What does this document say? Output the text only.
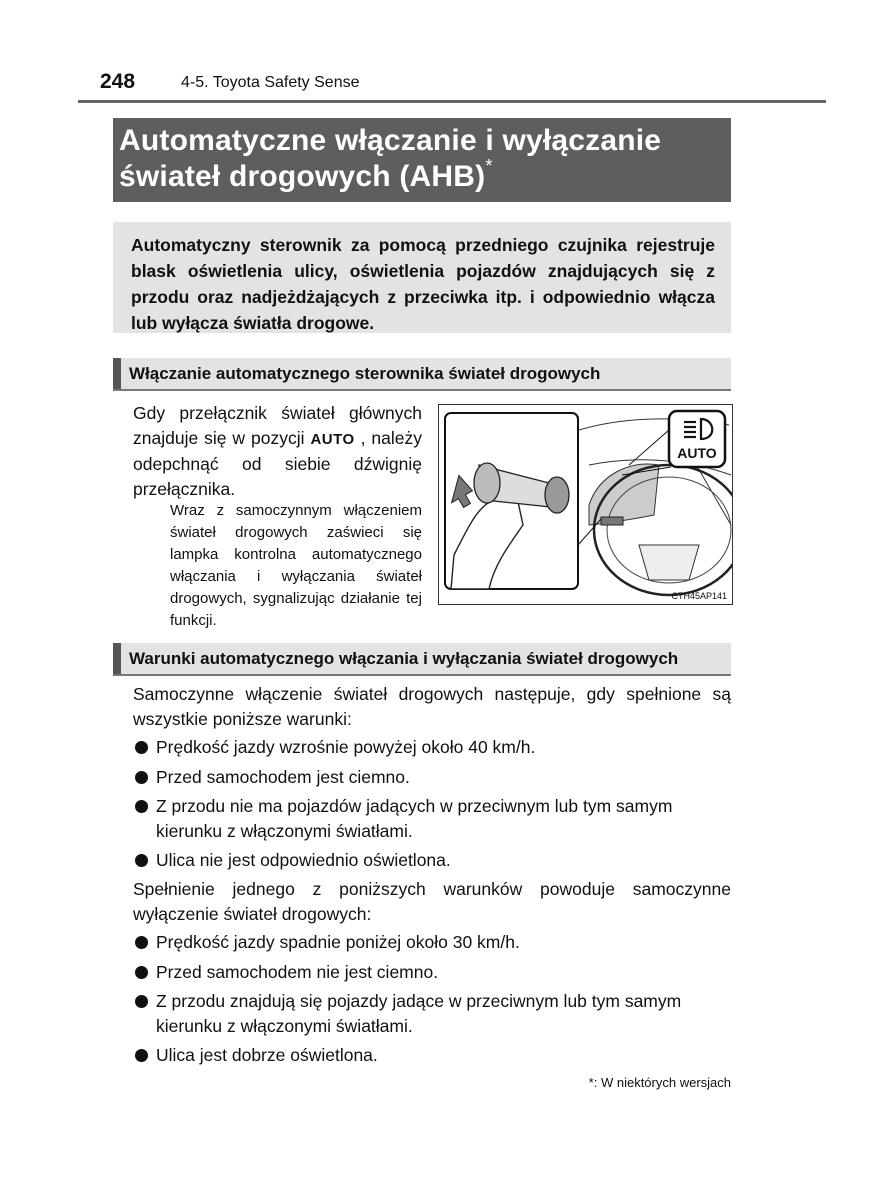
248	4-5. Toyota Safety Sense
Automatyczne włączanie i wyłączanie
świateł drogowych (AHB)*
Automatyczny sterownik za pomocą przedniego czujnika rejestruje blask oświetlenia ulicy, oświetlenia pojazdów znajdujących się z przodu oraz nadjeżdżających z przeciwka itp. i odpowiednio włącza lub wyłącza światła drogowe.
Włączanie automatycznego sterownika świateł drogowych
Gdy przełącznik świateł głównych znajduje się w pozycji AUTO , należy odepchnąć od siebie dźwignię przełącznika.
Wraz z samoczynnym włączeniem świateł drogowych zaświeci się lampka kontrolna automatycznego włączania i wyłączania świateł drogowych, sygnalizując działanie tej funkcji.
AUTO
CTH45AP141
Warunki automatycznego włączania i wyłączania świateł drogowych
Samoczynne włączenie świateł drogowych następuje, gdy spełnione są wszystkie poniższe warunki:
Prędkość jazdy wzrośnie powyżej około 40 km/h.
Przed samochodem jest ciemno.
Z przodu nie ma pojazdów jadących w przeciwnym lub tym samym kierunku z włączonymi światłami.
Ulica nie jest odpowiednio oświetlona.
Spełnienie jednego z poniższych warunków powoduje samoczynne wyłączenie świateł drogowych:
Prędkość jazdy spadnie poniżej około 30 km/h.
Przed samochodem nie jest ciemno.
Z przodu znajdują się pojazdy jadące w przeciwnym lub tym samym kierunku z włączonymi światłami.
Ulica jest dobrze oświetlona.
*: W niektórych wersjach
